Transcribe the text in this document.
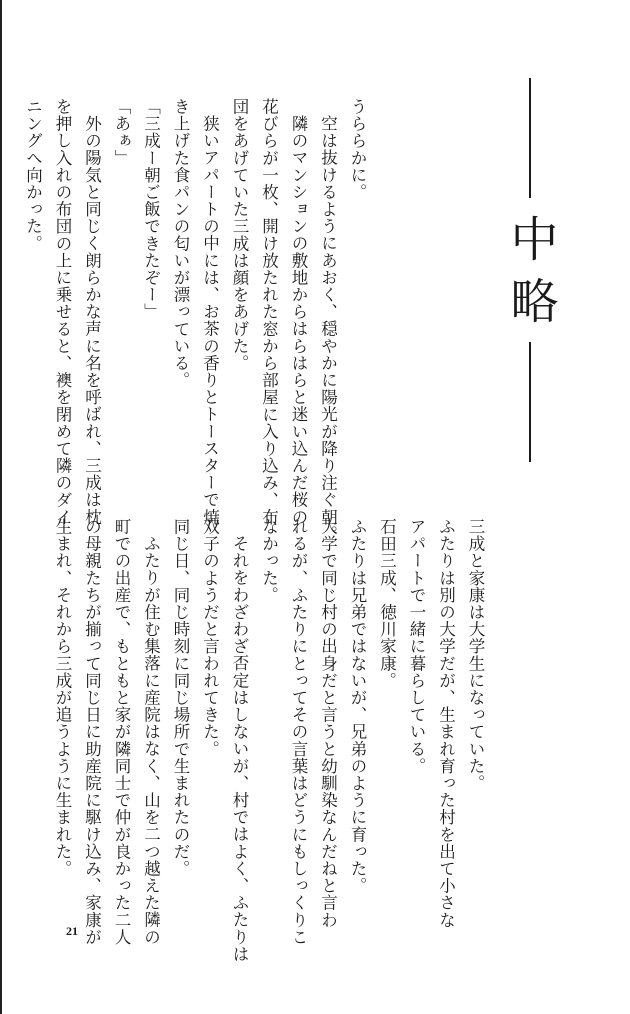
中略

うららかに。

空は抜けるようにあおく、穏やかに陽光が降り注ぐ朝。

隣のマンションの敷地からはらはらと迷い込んだ桜の

花びらが一枚、開け放たれた窓から部屋に入り込み、布

団をあげていた三成は顔をあげた。

狭いアパートの中には、お茶の香りとトースターで焼

き上げた食パンの匂いが漂っている。

「三成ー朝ご飯できたぞー」

「あぁ」

外の陽気と同じく朗らかな声に名を呼ばれ、三成は枕

を押し入れの布団の上に乗せると、襖を閉めて隣のダイ

ニングへ向かった。

三成と家康は大学生になっていた。

ふたりは別の大学だが、生まれ育った村を出て小さな

アパートで一緒に暮らしている。

石田三成、徳川家康。

ふたりは兄弟ではないが、兄弟のように育った。

大学で同じ村の出身だと言うと幼馴染なんだねと言わ

れるが、ふたりにとってその言葉はどうにもしっくりこ

なかった。

それをわざわざ否定はしないが、村ではよく、ふたりは

双子のようだと言われてきた。

同じ日、同じ時刻に同じ場所で生まれたのだ。

ふたりが住む集落に産院はなく、山を二つ越えた隣の

町での出産で、もともと家が隣同士で仲が良かった二人

の母親たちが揃って同じ日に助産院に駆け込み、家康が

生まれ、それから三成が追うように生まれた。

21
